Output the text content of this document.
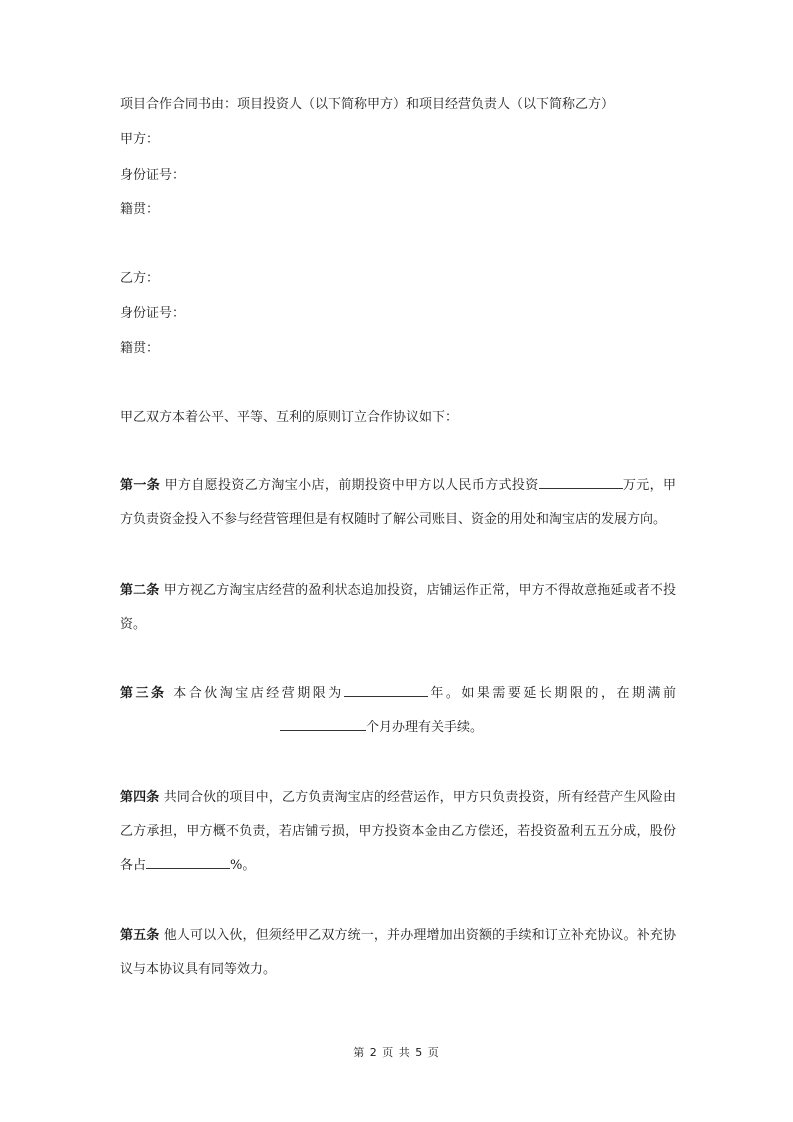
项目合作合同书由：项目投资人（以下简称甲方）和项目经营负责人（以下简称乙方）
甲方：
身份证号：
籍贯：
乙方：
身份证号：
籍贯：
甲乙双方本着公平、平等、互利的原则订立合作协议如下：
第一条 甲方自愿投资乙方淘宝小店，前期投资中甲方以人民币方式投资	万元，甲方负责资金投入不参与经营管理但是有权随时了解公司账目、资金的用处和淘宝店的发展方向。
第二条 甲方视乙方淘宝店经营的盈利状态追加投资，店铺运作正常，甲方不得故意拖延或者不投资。
第三条 本合伙淘宝店经营期限为	年。如果需要延长期限的，在期满前个月办理有关手续。
第四条 共同合伙的项目中，乙方负责淘宝店的经营运作，甲方只负责投资，所有经营产生风险由乙方承担，甲方概不负责，若店铺亏损，甲方投资本金由乙方偿还，若投资盈利五五分成，股份各占	%。
第五条 他人可以入伙，但须经甲乙双方统一，并办理增加出资额的手续和订立补充协议。补充协议与本协议具有同等效力。
第 2 页 共 5 页
